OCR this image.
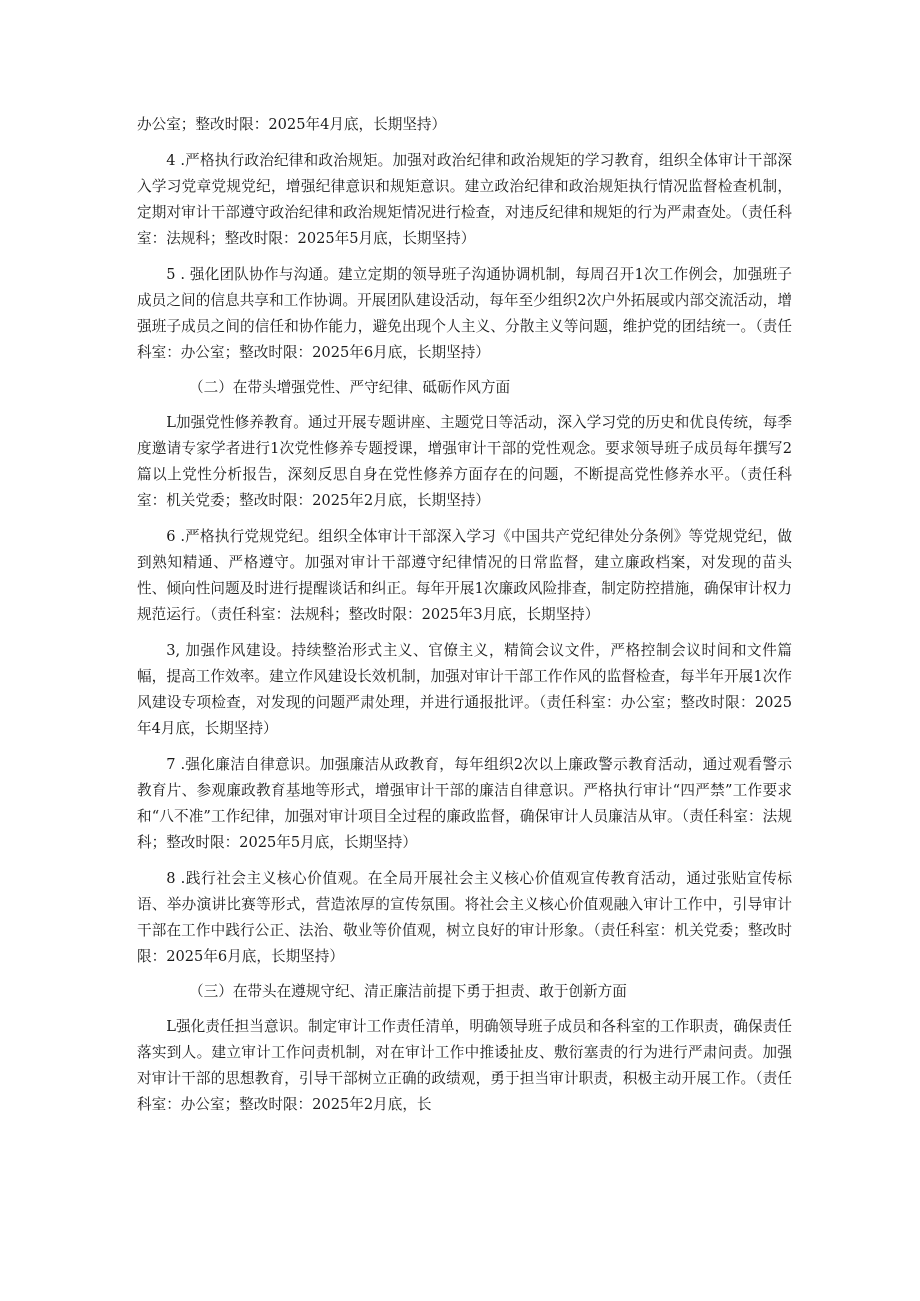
办公室；整改时限：2025年4月底，长期坚持）

4 .严格执行政治纪律和政治规矩。加强对政治纪律和政治规矩的学习教育，组织全体审计干部深入学习党章党规党纪，增强纪律意识和规矩意识。建立政治纪律和政治规矩执行情况监督检查机制，定期对审计干部遵守政治纪律和政治规矩情况进行检查，对违反纪律和规矩的行为严肃查处。（责任科室：法规科；整改时限：2025年5月底，长期坚持）

5 . 强化团队协作与沟通。建立定期的领导班子沟通协调机制，每周召开1次工作例会，加强班子成员之间的信息共享和工作协调。开展团队建设活动，每年至少组织2次户外拓展或内部交流活动，增强班子成员之间的信任和协作能力，避免出现个人主义、分散主义等问题，维护党的团结统一。（责任科室：办公室；整改时限：2025年6月底，长期坚持）

（二）在带头增强党性、严守纪律、砥砺作风方面

L加强党性修养教育。通过开展专题讲座、主题党日等活动，深入学习党的历史和优良传统，每季度邀请专家学者进行1次党性修养专题授课，增强审计干部的党性观念。要求领导班子成员每年撰写2篇以上党性分析报告，深刻反思自身在党性修养方面存在的问题，不断提高党性修养水平。（责任科室：机关党委；整改时限：2025年2月底，长期坚持）

6 .严格执行党规党纪。组织全体审计干部深入学习《中国共产党纪律处分条例》等党规党纪，做到熟知精通、严格遵守。加强对审计干部遵守纪律情况的日常监督，建立廉政档案，对发现的苗头性、倾向性问题及时进行提醒谈话和纠正。每年开展1次廉政风险排查，制定防控措施，确保审计权力规范运行。（责任科室：法规科；整改时限：2025年3月底，长期坚持）

3, 加强作风建设。持续整治形式主义、官僚主义，精简会议文件，严格控制会议时间和文件篇幅，提高工作效率。建立作风建设长效机制，加强对审计干部工作作风的监督检查，每半年开展1次作风建设专项检查，对发现的问题严肃处理，并进行通报批评。（责任科室：办公室；整改时限：2025年4月底，长期坚持）

7 .强化廉洁自律意识。加强廉洁从政教育，每年组织2次以上廉政警示教育活动，通过观看警示教育片、参观廉政教育基地等形式，增强审计干部的廉洁自律意识。严格执行审计“四严禁”工作要求和“八不准”工作纪律，加强对审计项目全过程的廉政监督，确保审计人员廉洁从审。（责任科室：法规科；整改时限：2025年5月底，长期坚持）

8 .践行社会主义核心价值观。在全局开展社会主义核心价值观宣传教育活动，通过张贴宣传标语、举办演讲比赛等形式，营造浓厚的宣传氛围。将社会主义核心价值观融入审计工作中，引导审计干部在工作中践行公正、法治、敬业等价值观，树立良好的审计形象。（责任科室：机关党委；整改时限：2025年6月底，长期坚持）

（三）在带头在遵规守纪、清正廉洁前提下勇于担责、敢于创新方面

L强化责任担当意识。制定审计工作责任清单，明确领导班子成员和各科室的工作职责，确保责任落实到人。建立审计工作问责机制，对在审计工作中推诿扯皮、敷衍塞责的行为进行严肃问责。加强对审计干部的思想教育，引导干部树立正确的政绩观，勇于担当审计职责，积极主动开展工作。（责任科室：办公室；整改时限：2025年2月底，长
